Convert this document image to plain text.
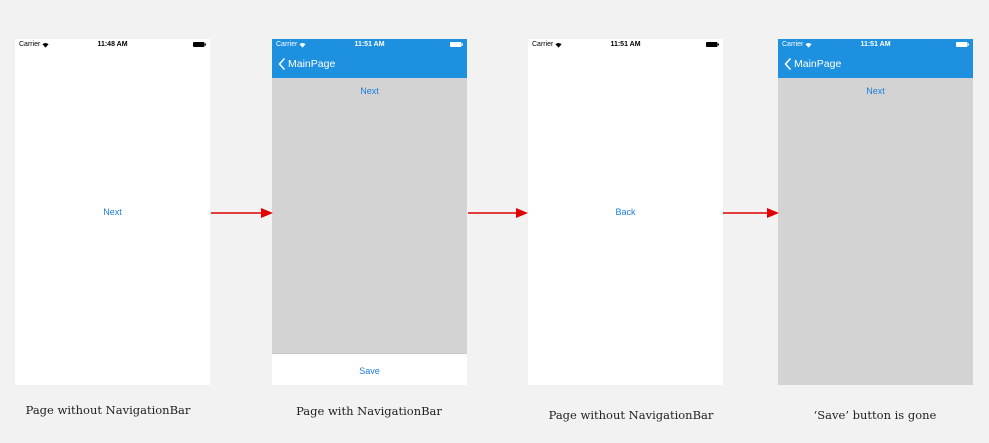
Carrier	11:48 AM
Next
Carrier	11:51 AM
MainPage
Next
Save
Carrier	11:51 AM
Back
Carrier	11:51 AM
MainPage
Next
Page without NavigationBar	Page with NavigationBar	Page without NavigationBar	‘Save’ button is gone
